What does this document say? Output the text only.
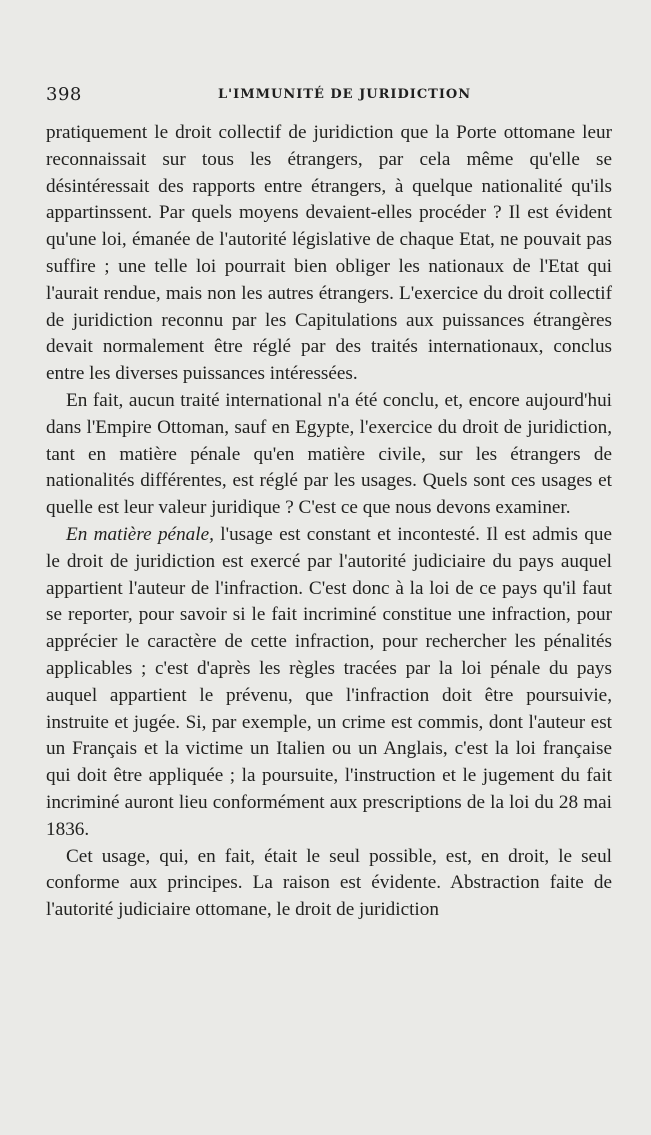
398	L'IMMUNITÉ DE JURIDICTION

pratiquement le droit collectif de juridiction que la Porte ottomane leur reconnaissait sur tous les étrangers, par cela même qu'elle se désintéressait des rapports entre étrangers, à quelque nationalité qu'ils appartinssent. Par quels moyens devaient-elles procéder ? Il est évident qu'une loi, émanée de l'autorité législative de chaque Etat, ne pouvait pas suffire ; une telle loi pourrait bien obliger les nationaux de l'Etat qui l'aurait rendue, mais non les autres étrangers. L'exercice du droit collectif de juridiction reconnu par les Capitulations aux puissances étrangères devait normalement être réglé par des traités internationaux, conclus entre les diverses puissances intéressées.

En fait, aucun traité international n'a été conclu, et, encore aujourd'hui dans l'Empire Ottoman, sauf en Egypte, l'exercice du droit de juridiction, tant en matière pénale qu'en matière civile, sur les étrangers de nationalités différentes, est réglé par les usages. Quels sont ces usages et quelle est leur valeur juridique ? C'est ce que nous devons examiner.

En matière pénale, l'usage est constant et incontesté. Il est admis que le droit de juridiction est exercé par l'autorité judiciaire du pays auquel appartient l'auteur de l'infraction. C'est donc à la loi de ce pays qu'il faut se reporter, pour savoir si le fait incriminé constitue une infraction, pour apprécier le caractère de cette infraction, pour rechercher les pénalités applicables ; c'est d'après les règles tracées par la loi pénale du pays auquel appartient le prévenu, que l'infraction doit être poursuivie, instruite et jugée. Si, par exemple, un crime est commis, dont l'auteur est un Français et la victime un Italien ou un Anglais, c'est la loi française qui doit être appliquée ; la poursuite, l'instruction et le jugement du fait incriminé auront lieu conformément aux prescriptions de la loi du 28 mai 1836.

Cet usage, qui, en fait, était le seul possible, est, en droit, le seul conforme aux principes. La raison est évidente. Abstraction faite de l'autorité judiciaire ottomane, le droit de juridiction
